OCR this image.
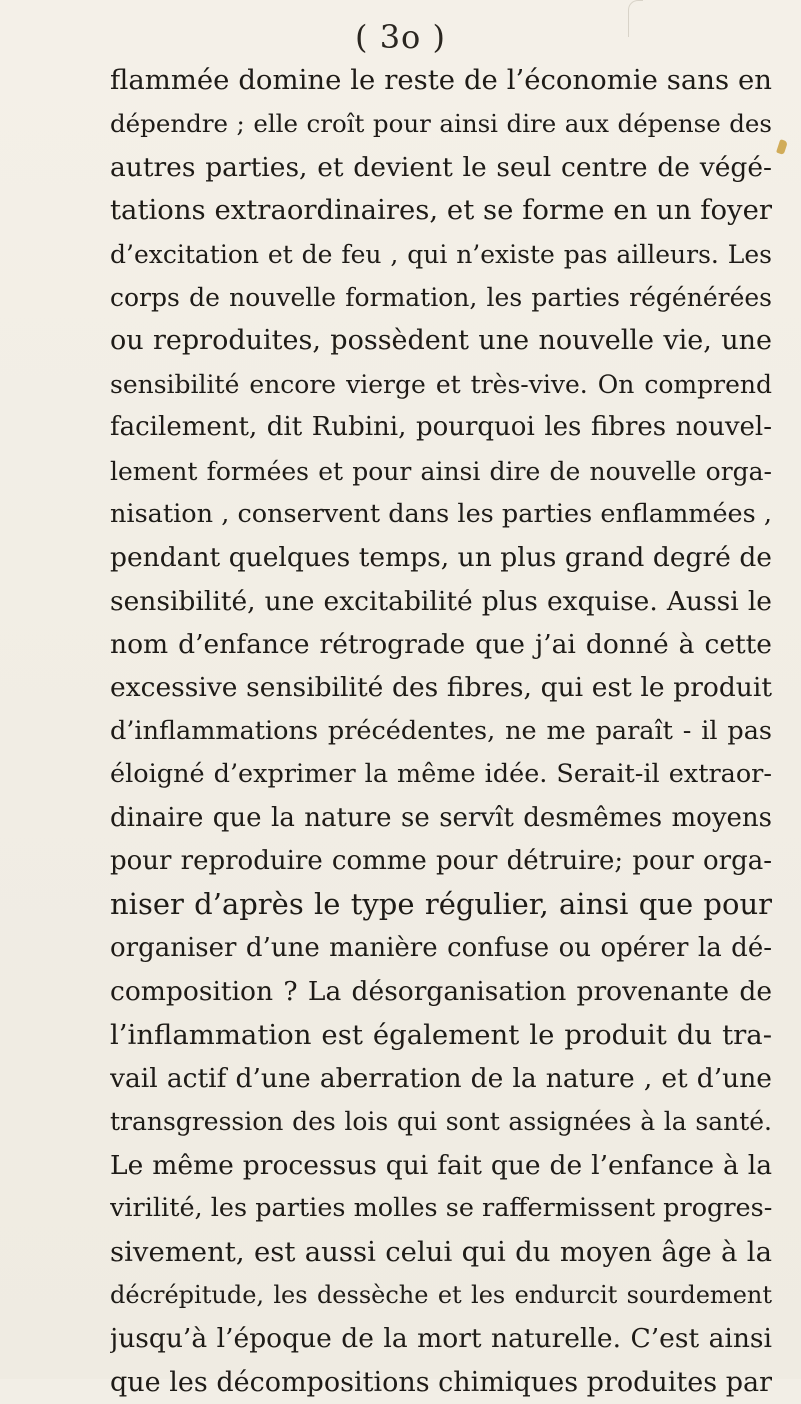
( 3o )
flammée domine le reste de l’économie sans en
dépendre ; elle croît pour ainsi dire aux dépense des
autres parties, et devient le seul centre de végé-
tations extraordinaires, et se forme en un foyer
d’excitation et de feu , qui n’existe pas ailleurs. Les
corps de nouvelle formation, les parties régénérées
ou reproduites, possèdent une nouvelle vie, une
sensibilité encore vierge et très-vive. On comprend
facilement, dit Rubini, pourquoi les fibres nouvel-
lement formées et pour ainsi dire de nouvelle orga-
nisation , conservent dans les parties enflammées ,
pendant quelques temps, un plus grand degré de
sensibilité, une excitabilité plus exquise. Aussi le
nom d’enfance rétrograde que j’ai donné à cette
excessive sensibilité des fibres, qui est le produit
d’inflammations précédentes, ne me paraît - il pas
éloigné d’exprimer la même idée. Serait-il extraor-
dinaire que la nature se servît desmêmes moyens
pour reproduire comme pour détruire; pour orga-
niser d’après le type régulier, ainsi que pour
organiser d’une manière confuse ou opérer la dé-
composition ? La désorganisation provenante de
l’inflammation est également le produit du tra-
vail actif d’une aberration de la nature , et d’une
transgression des lois qui sont assignées à la santé.
Le même processus qui fait que de l’enfance à la
virilité, les parties molles se raffermissent progres-
sivement, est aussi celui qui du moyen âge à la
décrépitude, les dessèche et les endurcit sourdement
jusqu’à l’époque de la mort naturelle. C’est ainsi
que les décompositions chimiques produites par
